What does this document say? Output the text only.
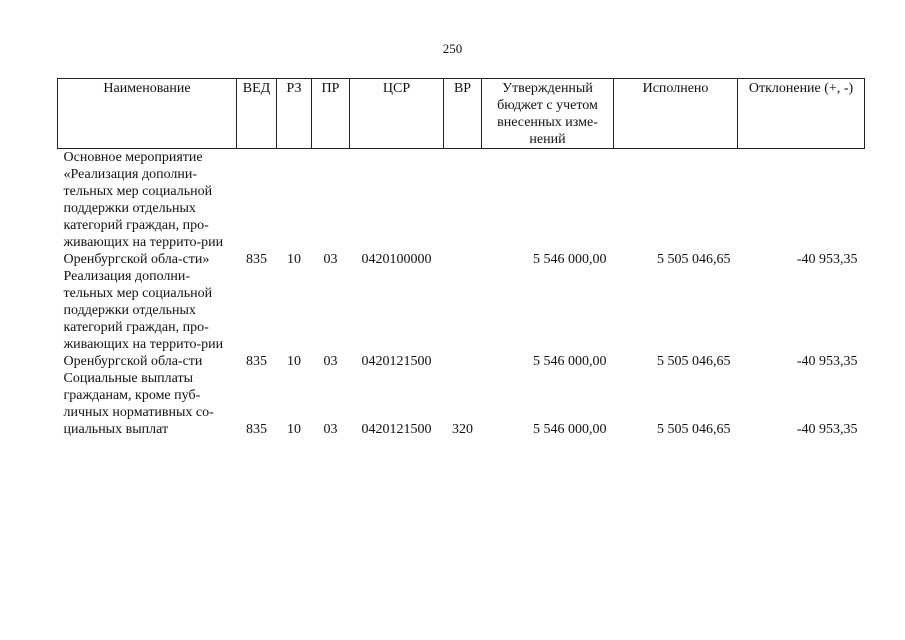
250
Наименование	ВЕД	РЗ	ПР	ЦСР	ВР	Утвержденный бюджет с учетом внесенных изме-нений	Исполнено	Отклонение (+, -)
Основное мероприятие «Реализация дополни-тельных мер социальной поддержки отдельных категорий граждан, про-живающих на террито-рии Оренбургской обла-сти»	835	10	03	0420100000		5 546 000,00	5 505 046,65	-40 953,35
Реализация дополни-тельных мер социальной поддержки отдельных категорий граждан, про-живающих на террито-рии Оренбургской обла-сти	835	10	03	0420121500		5 546 000,00	5 505 046,65	-40 953,35
Социальные выплаты гражданам, кроме пуб-личных нормативных со-циальных выплат	835	10	03	0420121500	320	5 546 000,00	5 505 046,65	-40 953,35
